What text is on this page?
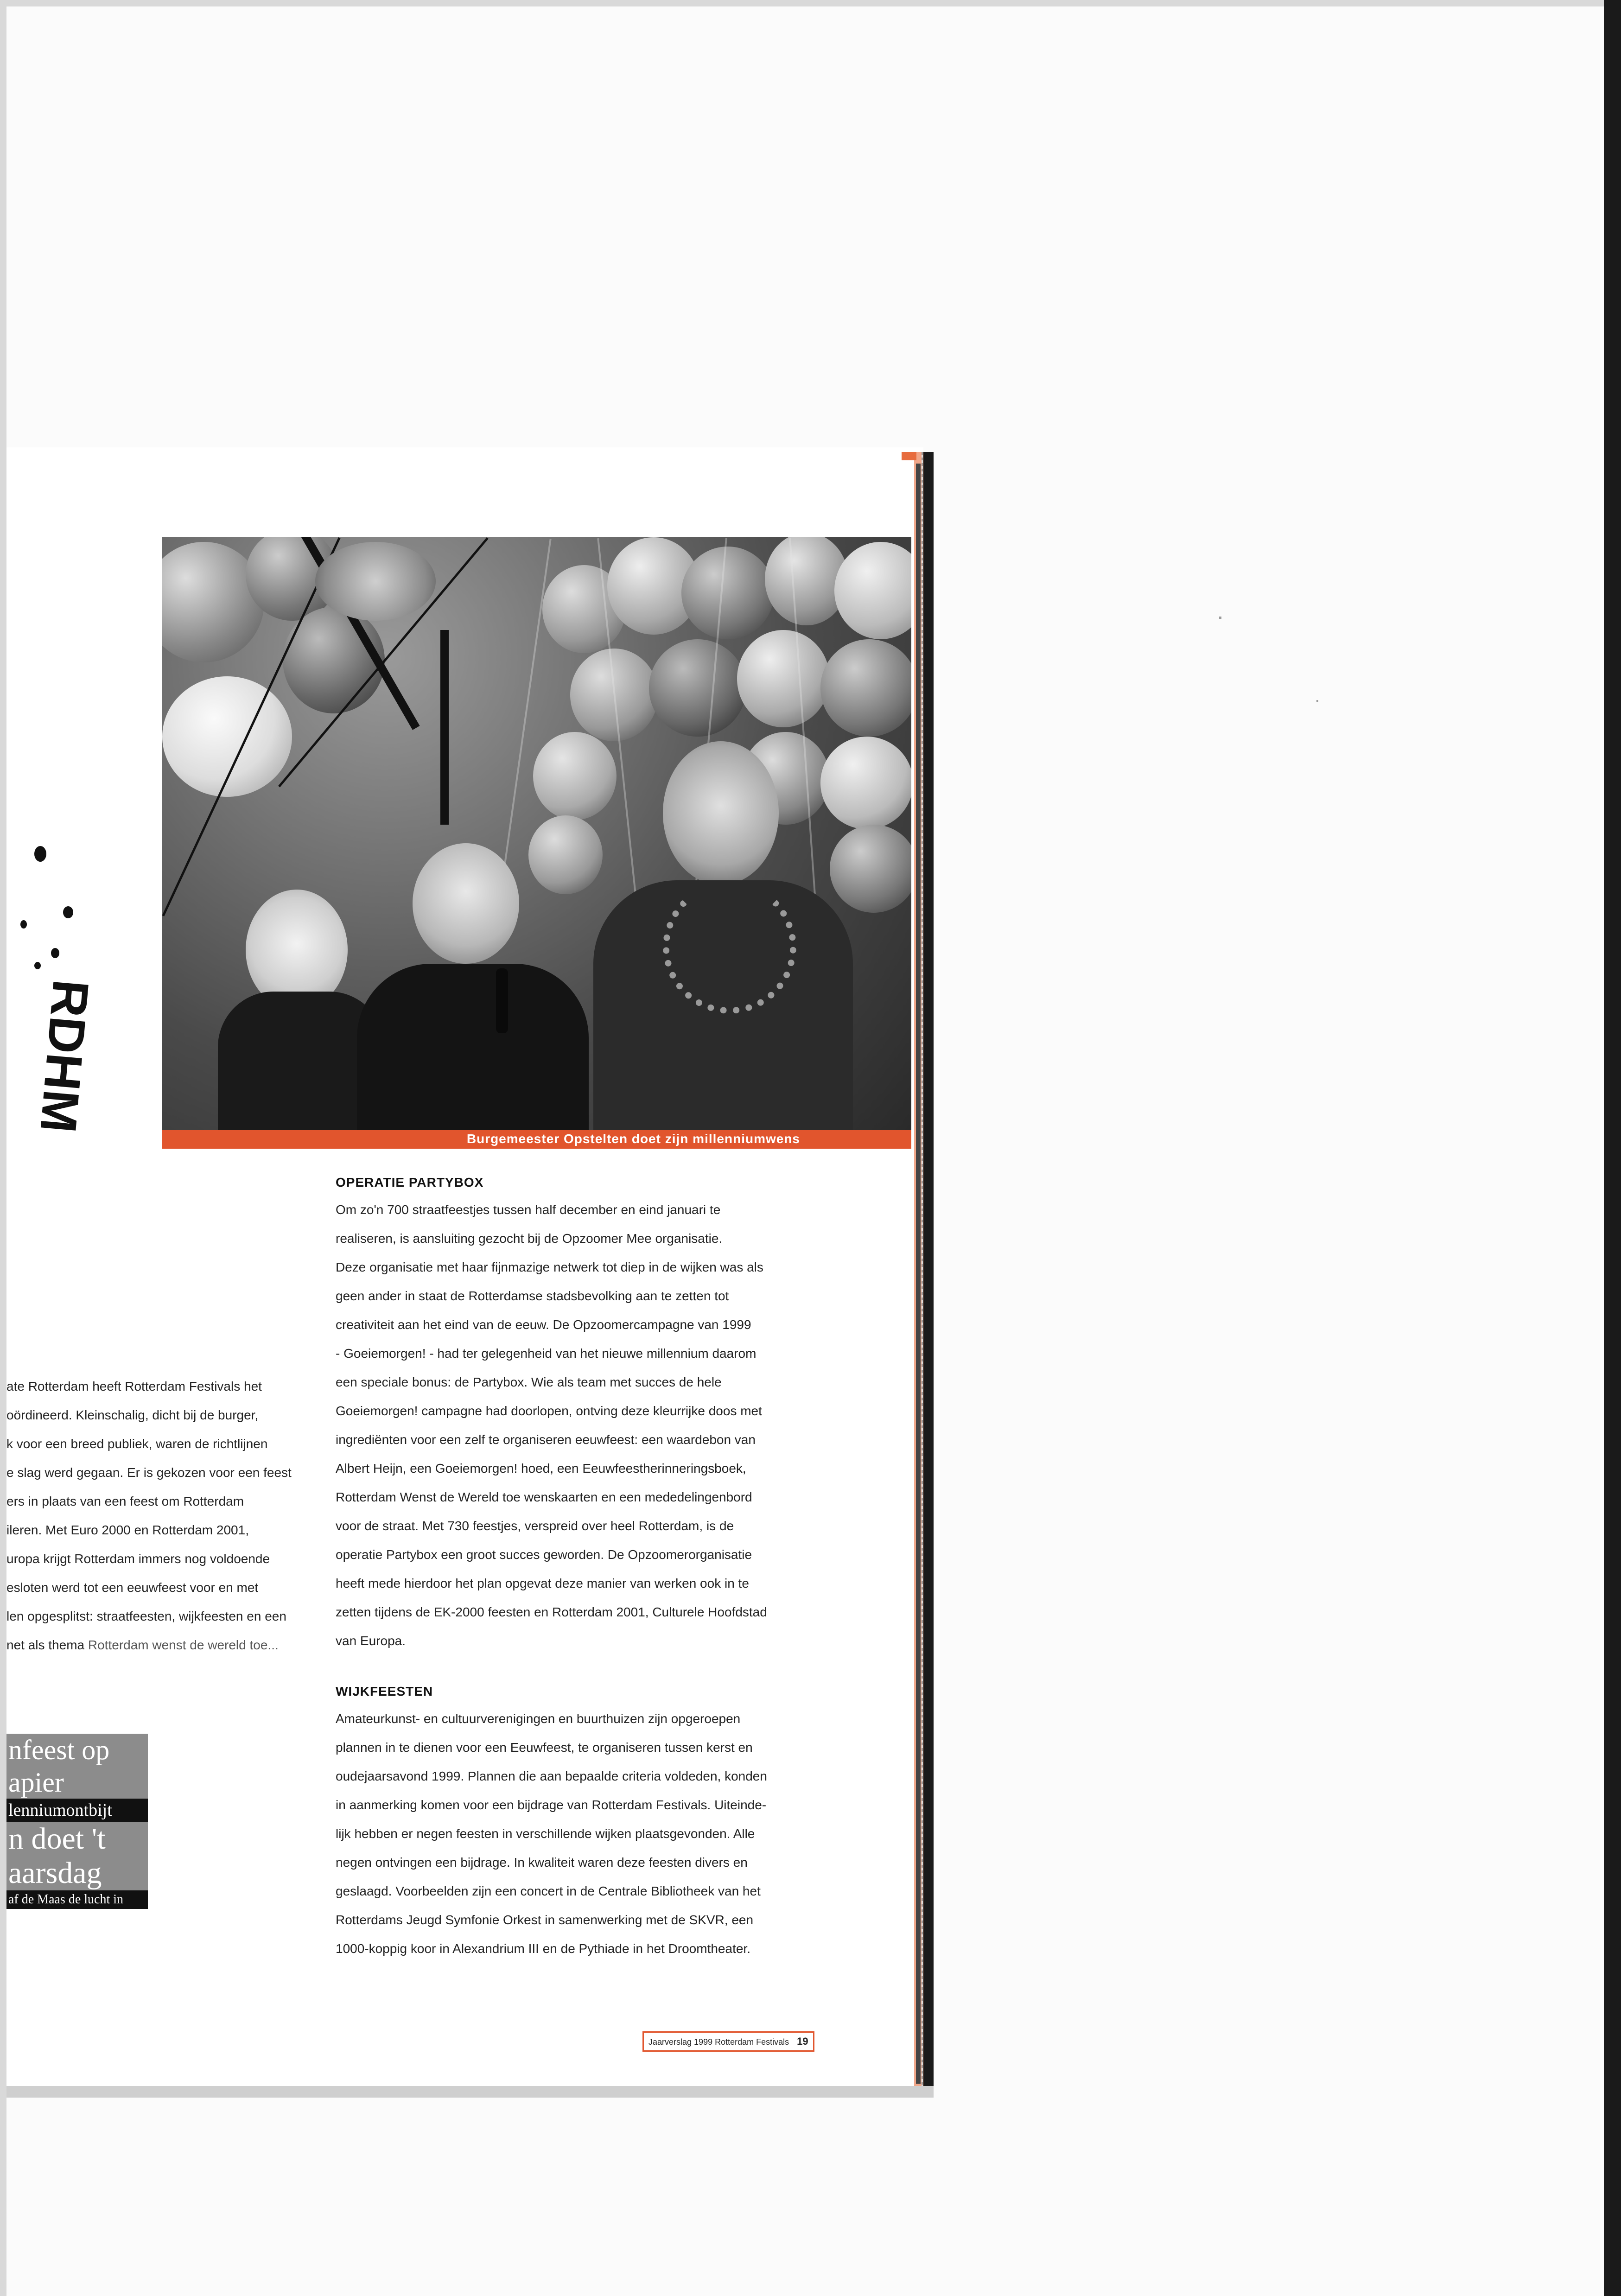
Burgemeester Opstelten doet zijn millenniumwens
RDHM
ate Rotterdam heeft Rotterdam Festivals het
oördineerd. Kleinschalig, dicht bij de burger,
k voor een breed publiek, waren de richtlijnen
e slag werd gegaan. Er is gekozen voor een feest
ers in plaats van een feest om Rotterdam
ileren. Met Euro 2000 en Rotterdam 2001,
uropa krijgt Rotterdam immers nog voldoende
esloten werd tot een eeuwfeest voor en met
len opgesplitst: straatfeesten, wijkfeesten en een
net als thema Rotterdam wenst de wereld toe...
nfeest op
apier
lenniumontbijt
n doet 't
aarsdag
af de Maas de lucht in
OPERATIE PARTYBOX
Om zo'n 700 straatfeestjes tussen half december en eind januari te
realiseren, is aansluiting gezocht bij de Opzoomer Mee organisatie.
Deze organisatie met haar fijnmazige netwerk tot diep in de wijken was als
geen ander in staat de Rotterdamse stadsbevolking aan te zetten tot
creativiteit aan het eind van de eeuw. De Opzoomercampagne van 1999
- Goeiemorgen! - had ter gelegenheid van het nieuwe millennium daarom
een speciale bonus: de Partybox. Wie als team met succes de hele
Goeiemorgen! campagne had doorlopen, ontving deze kleurrijke doos met
ingrediënten voor een zelf te organiseren eeuwfeest: een waardebon van
Albert Heijn, een Goeiemorgen! hoed, een Eeuwfeestherinneringsboek,
Rotterdam Wenst de Wereld toe wenskaarten en een mededelingenbord
voor de straat. Met 730 feestjes, verspreid over heel Rotterdam, is de
operatie Partybox een groot succes geworden. De Opzoomerorganisatie
heeft mede hierdoor het plan opgevat deze manier van werken ook in te
zetten tijdens de EK-2000 feesten en Rotterdam 2001, Culturele Hoofdstad
van Europa.
WIJKFEESTEN
Amateurkunst- en cultuurverenigingen en buurthuizen zijn opgeroepen
plannen in te dienen voor een Eeuwfeest, te organiseren tussen kerst en
oudejaarsavond 1999. Plannen die aan bepaalde criteria voldeden, konden
in aanmerking komen voor een bijdrage van Rotterdam Festivals. Uiteinde-
lijk hebben er negen feesten in verschillende wijken plaatsgevonden. Alle
negen ontvingen een bijdrage. In kwaliteit waren deze feesten divers en
geslaagd. Voorbeelden zijn een concert in de Centrale Bibliotheek van het
Rotterdams Jeugd Symfonie Orkest in samenwerking met de SKVR, een
1000-koppig koor in Alexandrium III en de Pythiade in het Droomtheater.
Jaarverslag 1999 Rotterdam Festivals 19
